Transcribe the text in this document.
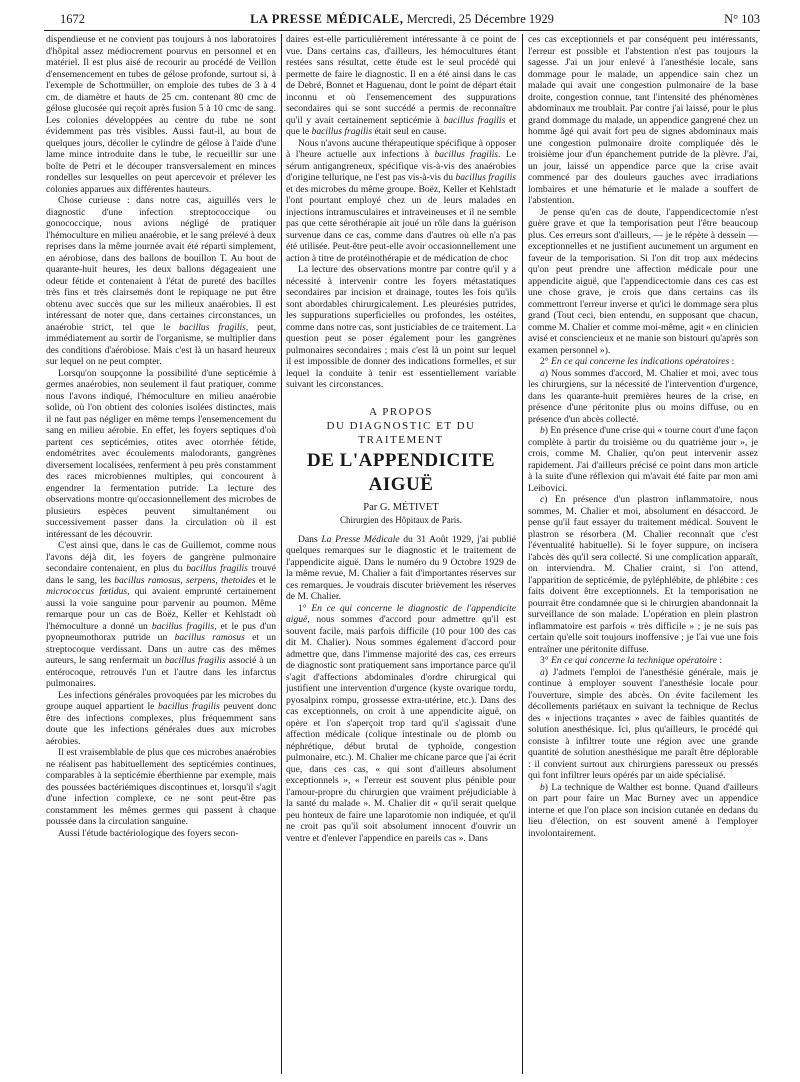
1672	LA PRESSE MÉDICALE, Mercredi, 25 Décembre 1929	N° 103

dispendieuse et ne convient pas toujours à nos laboratoires d'hôpital assez médiocrement pourvus en personnel et en matériel. Il est plus aisé de recourir au procédé de Veillon d'ensemencement en tubes de gélose profonde, surtout si, à l'exemple de Schottmüller, on emploie des tubes de 3 à 4 cm. de diamètre et hauts de 25 cm. contenant 80 cmc de gélose glucosée qui reçoit après fusion 5 à 10 cmc de sang. Les colonies développées au centre du tube ne sont évidemment pas très visibles. Aussi faut-il, au bout de quelques jours, décoller le cylindre de gélose à l'aide d'une lame mince introduite dans le tube, le recueillir sur une boîte de Petri et le découper transversalement en minces rondelles sur lesquelles on peut apercevoir et prélever les colonies apparues aux différentes hauteurs.

Chose curieuse : dans notre cas, aiguillés vers le diagnostic d'une infection streptococcique ou gonococcique, nous avions négligé de pratiquer l'hémoculture en milieu anaérobie, et le sang prélevé à deux reprises dans la même journée avait été réparti simplement, en aérobiose, dans des ballons de bouillon T. Au bout de quarante-huit heures, les deux ballons dégageaient une odeur fétide et contenaient à l'état de pureté des bacilles très fins et très clairsemés dont le repiquage ne put être obtenu avec succès que sur les milieux anaérobies. Il est intéressant de noter que, dans certaines circonstances, un anaérobie strict, tel que le bacillus fragilis, peut, immédiatement au sortir de l'organisme, se multiplier dans des conditions d'aérobiose. Mais c'est là un hasard heureux sur lequel on ne peut compter.

Lorsqu'on soupçonne la possibilité d'une septicémie à germes anaérobies, non seulement il faut pratiquer, comme nous l'avons indiqué, l'hémoculture en milieu anaérobie solide, où l'on obtient des colonies isolées distinctes, mais il ne faut pas négliger en même temps l'ensemencement du sang en milieu aérobie. En effet, les foyers septiques d'où partent ces septicémies, otites avec otorrhée fétide, endométrites avec écoulements malodorants, gangrènes diversement localisées, renferment à peu près constamment des races microbiennes multiples, qui concourent à engendrer la fermentation putride. La lecture des observations montre qu'occasionnellement des microbes de plusieurs espèces peuvent simultanément ou successivement passer dans la circulation où il est intéressant de les découvrir.

C'est ainsi que, dans le cas de Guillemot, comme nous l'avons déjà dit, les foyers de gangrène pulmonaire secondaire contenaient, en plus du bacillus fragilis trouvé dans le sang, les bacillus ramosus, serpens, thetoides et le micrococcus fœtidus, qui avaient emprunté certainement aussi la voie sanguine pour parvenir au poumon. Même remarque pour un cas de Boëz, Keller et Kehlstadt où l'hémoculture a donné un bacillus fragilis, et le pus d'un pyopneumothorax putride un bacillus ramosus et un streptocoque verdissant. Dans un autre cas des mêmes auteurs, le sang renfermait un bacillus fragilis associé à un entérocoque, retrouvés l'un et l'autre dans les infarctus pulmonaires.

Les infections générales provoquées par les microbes du groupe auquel appartient le bacillus fragilis peuvent donc être des infections complexes, plus fréquemment sans doute que les infections générales dues aux microbes aérobies.

Il est vraisemblable de plus que ces microbes anaérobies ne réalisent pas habituellement des septicémies continues, comparables à la septicémie éberthienne par exemple, mais des poussées bactériémiques discontinues et, lorsqu'il s'agit d'une infection complexe, ce ne sont peut-être pas constamment les mêmes germes qui passent à chaque poussée dans la circulation sanguine.

Aussi l'étude bactériologique des foyers secon-

daires est-elle particulièrement intéressante à ce point de vue. Dans certains cas, d'ailleurs, les hémocultures étant restées sans résultat, cette étude est le seul procédé qui permette de faire le diagnostic. Il en a été ainsi dans le cas de Debré, Bonnet et Haguenau, dont le point de départ était inconnu et où l'ensemencement des suppurations secondaires qui se sont succédé a permis de reconnaître qu'il y avait certainement septicémie à bacillus fragilis et que le bacillus fragilis était seul en cause.

Nous n'avons aucune thérapeutique spécifique à opposer à l'heure actuelle aux infections à bacillus fragilis. Le sérum antigangreneux, spécifique vis-à-vis des anaérobies d'origine tellurique, ne l'est pas vis-à-vis du bacillus fragilis et des microbes du même groupe. Boëz, Keller et Kehlstadt l'ont pourtant employé chez un de leurs malades en injections intramusculaires et intraveineuses et il ne semble pas que cette sérothérapie ait joué un rôle dans la guérison survenue dans ce cas, comme dans d'autres où elle n'a pas été utilisée. Peut-être peut-elle avoir occasionnellement une action à titre de protéinothérapie et de médication de choc

La lecture des observations montre par contre qu'il y a nécessité à intervenir contre les foyers métastatiques secondaires par incision et drainage, toutes les fois qu'ils sont abordables chirurgicalement. Les pleurésies putrides, les suppurations superficielles ou profondes, les ostéites, comme dans notre cas, sont justiciables de ce traitement. La question peut se poser également pour les gangrènes pulmonaires secondaires ; mais c'est là un point sur lequel il est impossible de donner des indications formelles, et sur lequel la conduite à tenir est essentiellement variable suivant les circonstances.

A PROPOS
DU DIAGNOSTIC ET DU TRAITEMENT
DE L'APPENDICITE AIGUË
Par G. MÉTIVET
Chirurgien des Hôpitaux de Paris.

Dans La Presse Médicale du 31 Août 1929, j'ai publié quelques remarques sur le diagnostic et le traitement de l'appendicite aiguë. Dans le numéro du 9 Octobre 1929 de la même revue, M. Chalier a fait d'importantes réserves sur ces remarques. Je voudrais discuter brièvement les réserves de M. Chalier.

1° En ce qui concerne le diagnostic de l'appendicite aiguë, nous sommes d'accord pour admettre qu'il est souvent facile, mais parfois difficile (10 pour 100 des cas dit M. Chalier). Nous sommes également d'accord pour admettre que, dans l'immense majorité des cas, ces erreurs de diagnostic sont pratiquement sans importance parce qu'il s'agit d'affections abdominales d'ordre chirurgical qui justifient une intervention d'urgence (kyste ovarique tordu, pyosalpinx rompu, grossesse extra-utérine, etc.). Dans des cas exceptionnels, on croit à une appendicite aiguë, on opère et l'on s'aperçoit trop tard qu'il s'agissait d'une affection médicale (colique intestinale ou de plomb ou néphrétique, début brutal de typhoïde, congestion pulmonaire, etc.). M. Chalier me chicane parce que j'ai écrit que, dans ces cas, « qui sont d'ailleurs absolument exceptionnels », « l'erreur est souvent plus pénible pour l'amour-propre du chirurgien que vraiment préjudiciable à la santé du malade ». M. Chalier dit « qu'il serait quelque peu honteux de faire une laparotomie non indiquée, et qu'il ne croit pas qu'il soit absolument innocent d'ouvrir un ventre et d'enlever l'appendice en pareils cas ». Dans

ces cas exceptionnels et par conséquent peu intéressants, l'erreur est possible et l'abstention n'est pas toujours la sagesse. J'ai un jour enlevé à l'anesthésie locale, sans dommage pour le malade, un appendice sain chez un malade qui avait une congestion pulmonaire de la base droite, congestion connue, tant l'intensité des phénomènes abdominaux me troublait. Par contre j'ai laissé, pour le plus grand dommage du malade, un appendice gangrené chez un homme âgé qui avait fort peu de signes abdominaux mais une congestion pulmonaire droite compliquée dès le troisième jour d'un épanchement putride de la plèvre. J'ai, un jour, laissé un appendice parce que la crise avait commencé par des douleurs gauches avec irradiations lombaires et une hématurie et le malade a souffert de l'abstention.

Je pense qu'en cas de doute, l'appendicectomie n'est guère grave et que la temporisation peut l'être beaucoup plus. Ces erreurs sont d'ailleurs, — je le répète à dessein — exceptionnelles et ne justifient aucunement un argument en faveur de la temporisation. Si l'on dit trop aux médecins qu'on peut prendre une affection médicale pour une appendicite aiguë, que l'appendicectomie dans ces cas est une chose grave, je crois que dans certains cas ils commettront l'erreur inverse et qu'ici le dommage sera plus grand (Tout ceci, bien entendu, en supposant que chacun, comme M. Chalier et comme moi-même, agit « en clinicien avisé et consciencieux et ne manie son bistouri qu'après son examen personnel »).

2° En ce qui concerne les indications opératoires :

a) Nous sommes d'accord, M. Chalier et moi, avec tous les chirurgiens, sur la nécessité de l'intervention d'urgence, dans les quarante-huit premières heures de la crise, en présence d'une péritonite plus ou moins diffuse, ou en présence d'un abcès collecté.

b) En présence d'une crise qui « tourne court d'une façon complète à partir du troisième ou du quatrième jour », je crois, comme M. Chalier, qu'on peut intervenir assez rapidement. J'ai d'ailleurs précisé ce point dans mon article à la suite d'une réflexion qui m'avait été faite par mon ami Leibovici.

c) En présence d'un plastron inflammatoire, nous sommes, M. Chalier et moi, absolument en désaccord. Je pense qu'il faut essayer du traitement médical. Souvent le plastron se résorbera (M. Chalier reconnaît que c'est l'éventualité habituelle). Si le foyer suppure, on incisera l'abcès dès qu'il sera collecté. Si une complication apparaît, on interviendra. M. Chalier craint, si l'on attend, l'apparition de septicémie, de pyléphlébite, de phlébite : ces faits doivent être exceptionnels. Et la temporisation ne pourrait être condamnée que si le chirurgien abandonnait la surveillance de son malade. L'opération en plein plastron inflammatoire est parfois « très difficile » ; je ne suis pas certain qu'elle soit toujours inoffensive ; je l'ai vue une fois entraîner une péritonite diffuse.

3° En ce qui concerne la technique opératoire :

a) J'admets l'emploi de l'anesthésie générale, mais je continue à employer souvent l'anesthésie locale pour l'ouverture, simple des abcès. On évite facilement les décollements pariétaux en suivant la technique de Reclus des « injections traçantes » avec de faibles quantités de solution anesthésique. Ici, plus qu'ailleurs, le procédé qui consiste à infiltrer toute une région avec une grande quantité de solution anesthésique me paraît être déplorable : il convient surtout aux chirurgiens paresseux ou pressés qui font infiltrer leurs opérés par un aide spécialisé.

b) La technique de Walther est bonne. Quand d'ailleurs on part pour faire un Mac Burney avec un appendice interne et que l'on place son incision cutanée en dedans du lieu d'élection, on est souvent amené à l'employer involontairement.
